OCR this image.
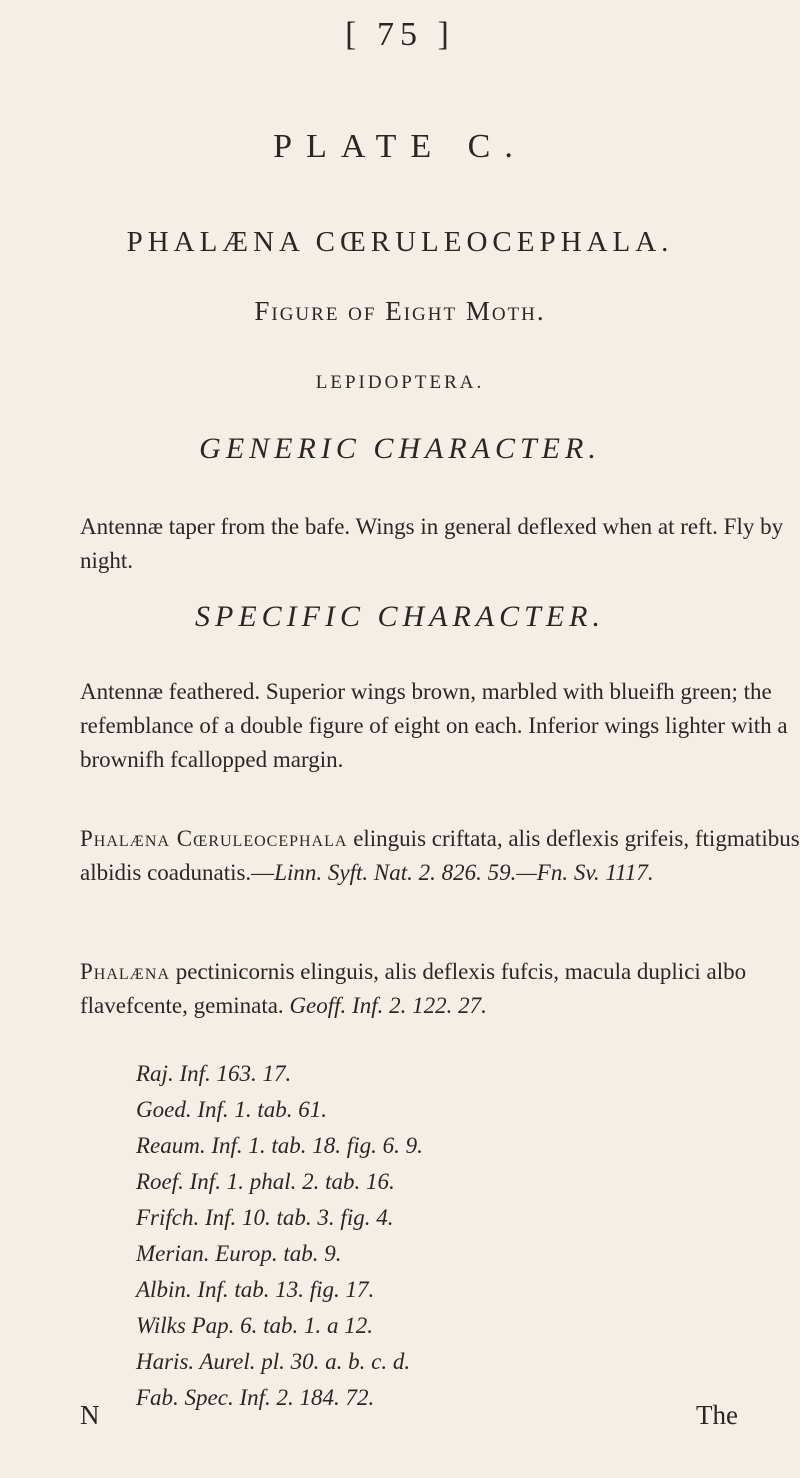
[ 75 ]
PLATE C.
PHALÆNA CŒRULEOCEPHALA.
Figure of Eight Moth.
LEPIDOPTERA.
GENERIC CHARACTER.
Antennæ taper from the bafe. Wings in general deflexed when at reft. Fly by night.
SPECIFIC CHARACTER.
Antennæ feathered. Superior wings brown, marbled with blueifh green; the refemblance of a double figure of eight on each. Inferior wings lighter with a brownifh fcallopped margin.
Phalæna Cœruleocephala elinguis criftata, alis deflexis grifeis, ftigmatibus albidis coadunatis.—Linn. Syft. Nat. 2. 826. 59.—Fn. Sv. 1117.
Phalæna pectinicornis elinguis, alis deflexis fufcis, macula duplici albo flavefcente, geminata. Geoff. Inf. 2. 122. 27.
Raj. Inf. 163. 17.
Goed. Inf. 1. tab. 61.
Reaum. Inf. 1. tab. 18. fig. 6. 9.
Roef. Inf. 1. phal. 2. tab. 16.
Frifch. Inf. 10. tab. 3. fig. 4.
Merian. Europ. tab. 9.
Albin. Inf. tab. 13. fig. 17.
Wilks Pap. 6. tab. 1. a 12.
Haris. Aurel. pl. 30. a. b. c. d.
Fab. Spec. Inf. 2. 184. 72.
N	The
